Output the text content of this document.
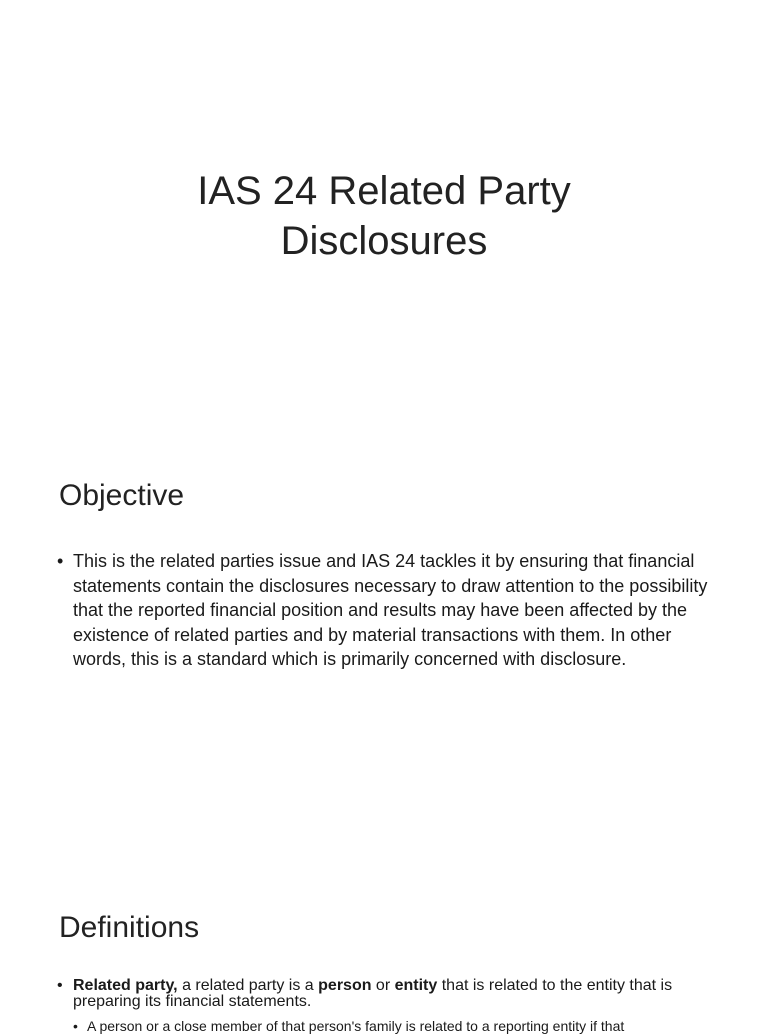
IAS 24 Related Party
Disclosures
Objective
• This is the related parties issue and IAS 24 tackles it by ensuring that financial statements contain the disclosures necessary to draw attention to the possibility that the reported financial position and results may have been affected by the existence of related parties and by material transactions with them. In other words, this is a standard which is primarily concerned with disclosure.
Definitions
• Related party, a related party is a person or entity that is related to the entity that is preparing its financial statements.
• A person or a close member of that person's family is related to a reporting entity if that
